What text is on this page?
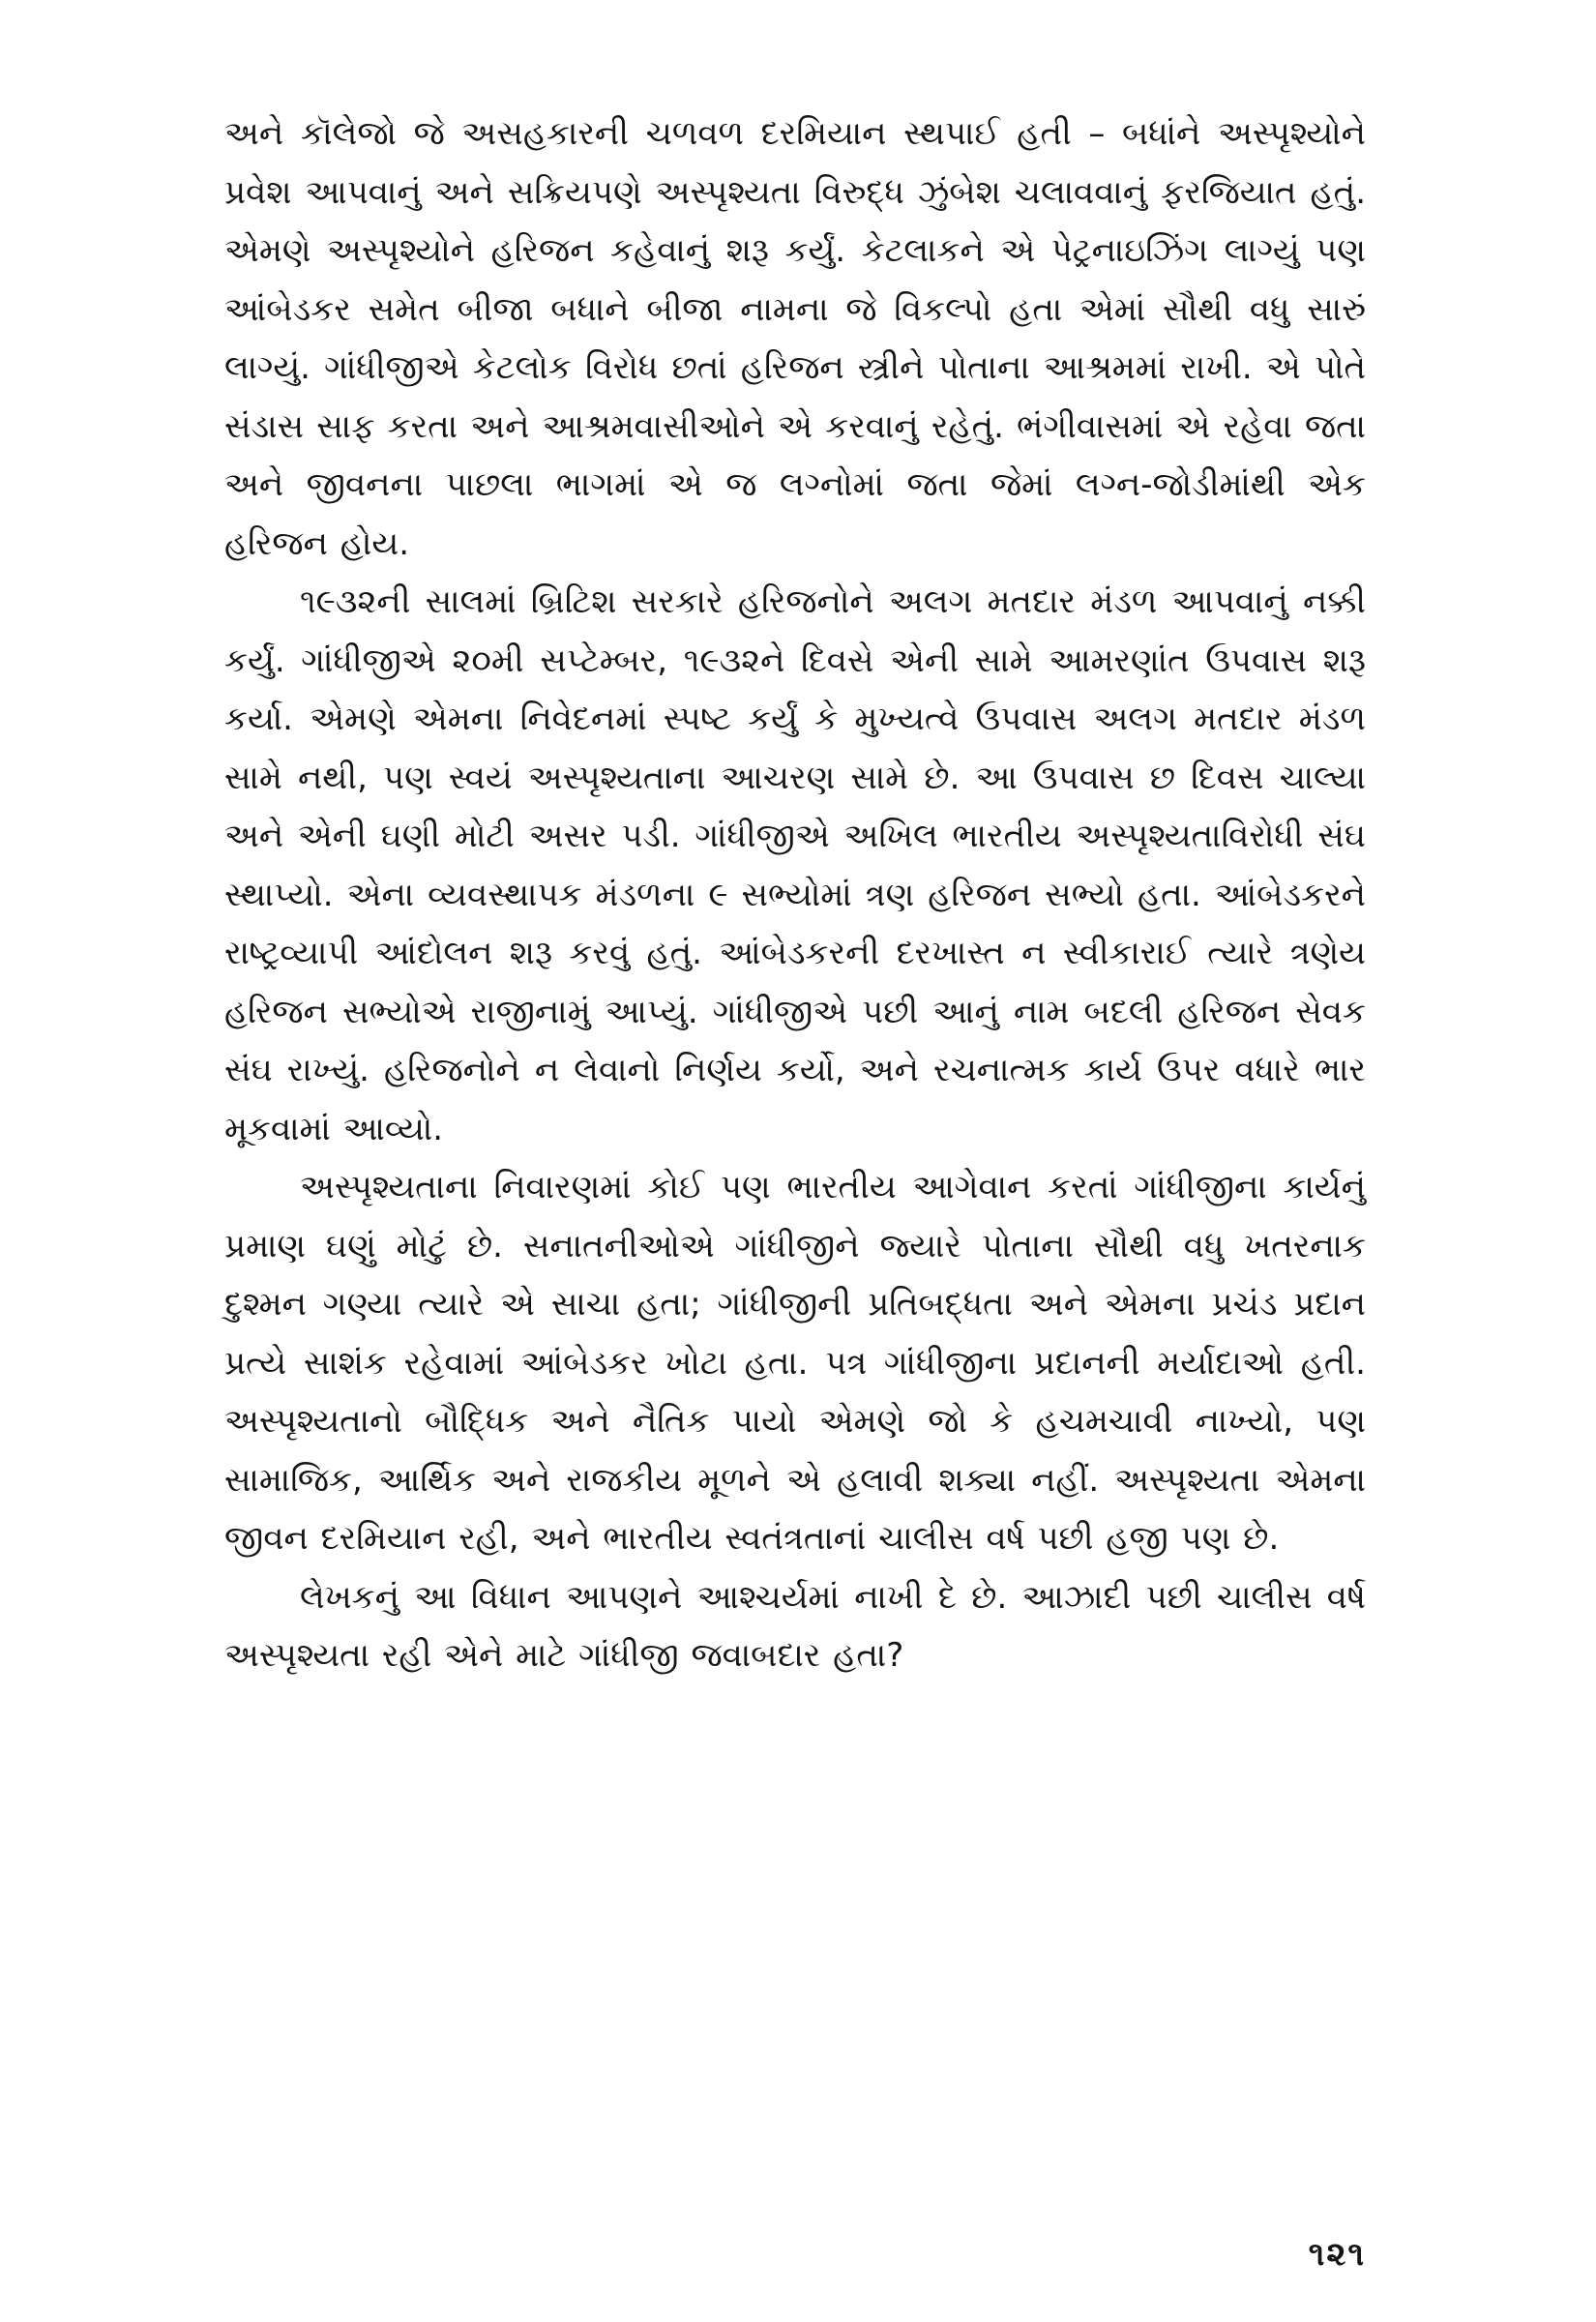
અને કૉલેજો જે અસહકારની ચળવળ દરમિયાન સ્થપાઈ હતી – બધાંને અસ્પૃશ્યોને પ્રવેશ આપવાનું અને સક્રિયપણે અસ્પૃશ્યતા વિરુદ્ધ ઝુંબેશ ચલાવવાનું ફરજિયાત હતું. એમણે અસ્પૃશ્યોને હરિજન કહેવાનું શરૂ કર્યું. કેટલાકને એ પેટ્રનાઇઝિંગ લાગ્યું પણ આંબેડકર સમેત બીજા બધાને બીજા નામના જે વિકલ્પો હતા એમાં સૌથી વધુ સારું લાગ્યું. ગાંધીજીએ કેટલોક વિરોધ છતાં હરિજન સ્ત્રીને પોતાના આશ્રમમાં રાખી. એ પોતે સંડાસ સાફ કરતા અને આશ્રમવાસીઓને એ કરવાનું રહેતું. ભંગીવાસમાં એ રહેવા જતા અને જીવનના પાછલા ભાગમાં એ જ લગ્નોમાં જતા જેમાં લગ્ન-જોડીમાંથી એક હરિજન હોય.

૧૯૩૨ની સાલમાં બ્રિટિશ સરકારે હરિજનોને અલગ મતદાર મંડળ આપવાનું નક્કી કર્યું. ગાંધીજીએ ૨૦મી સપ્ટેમ્બર, ૧૯૩૨ને દિવસે એની સામે આમરણાંત ઉપવાસ શરૂ કર્યા. એમણે એમના નિવેદનમાં સ્પષ્ટ કર્યું કે મુખ્યત્વે ઉપવાસ અલગ મતદાર મંડળ સામે નથી, પણ સ્વયં અસ્પૃશ્યતાના આચરણ સામે છે. આ ઉપવાસ છ દિવસ ચાલ્યા અને એની ઘણી મોટી અસર પડી. ગાંધીજીએ અખિલ ભારતીય અસ્પૃશ્યતાવિરોધી સંઘ સ્થાપ્યો. એના વ્યવસ્થાપક મંડળના ૯ સભ્યોમાં ત્રણ હરિજન સભ્યો હતા. આંબેડકરને રાષ્ટ્રવ્યાપી આંદોલન શરૂ કરવું હતું. આંબેડકરની દરખાસ્ત ન સ્વીકારાઈ ત્યારે ત્રણેય હરિજન સભ્યોએ રાજીનામું આપ્યું. ગાંધીજીએ પછી આનું નામ બદલી હરિજન સેવક સંઘ રાખ્યું. હરિજનોને ન લેવાનો નિર્ણય કર્યો, અને રચનાત્મક કાર્ય ઉપર વધારે ભાર મૂકવામાં આવ્યો.

અસ્પૃશ્યતાના નિવારણમાં કોઈ પણ ભારતીય આગેવાન કરતાં ગાંધીજીના કાર્યનું પ્રમાણ ઘણું મોટું છે. સનાતનીઓએ ગાંધીજીને જ્યારે પોતાના સૌથી વધુ ખતરનાક દુશ્મન ગણ્યા ત્યારે એ સાચા હતા; ગાંધીજીની પ્રતિબદ્ધતા અને એમના પ્રચંડ પ્રદાન પ્રત્યે સાશંક રહેવામાં આંબેડકર ખોટા હતા. પત્ર ગાંધીજીના પ્રદાનની મર્યાદાઓ હતી. અસ્પૃશ્યતાનો બૌદ્ધિક અને નૈતિક પાયો એમણે જો કે હચમચાવી નાખ્યો, પણ સામાજિક, આર્થિક અને રાજકીય મૂળને એ હલાવી શક્યા નહીં. અસ્પૃશ્યતા એમના જીવન દરમિયાન રહી, અને ભારતીય સ્વતંત્રતાનાં ચાલીસ વર્ષ પછી હજી પણ છે.

લેખકનું આ વિધાન આપણને આશ્ચર્યમાં નાખી દે છે. આઝાદી પછી ચાલીસ વર્ષ અસ્પૃશ્યતા રહી એને માટે ગાંધીજી જવાબદાર હતા?

૧૨૧
